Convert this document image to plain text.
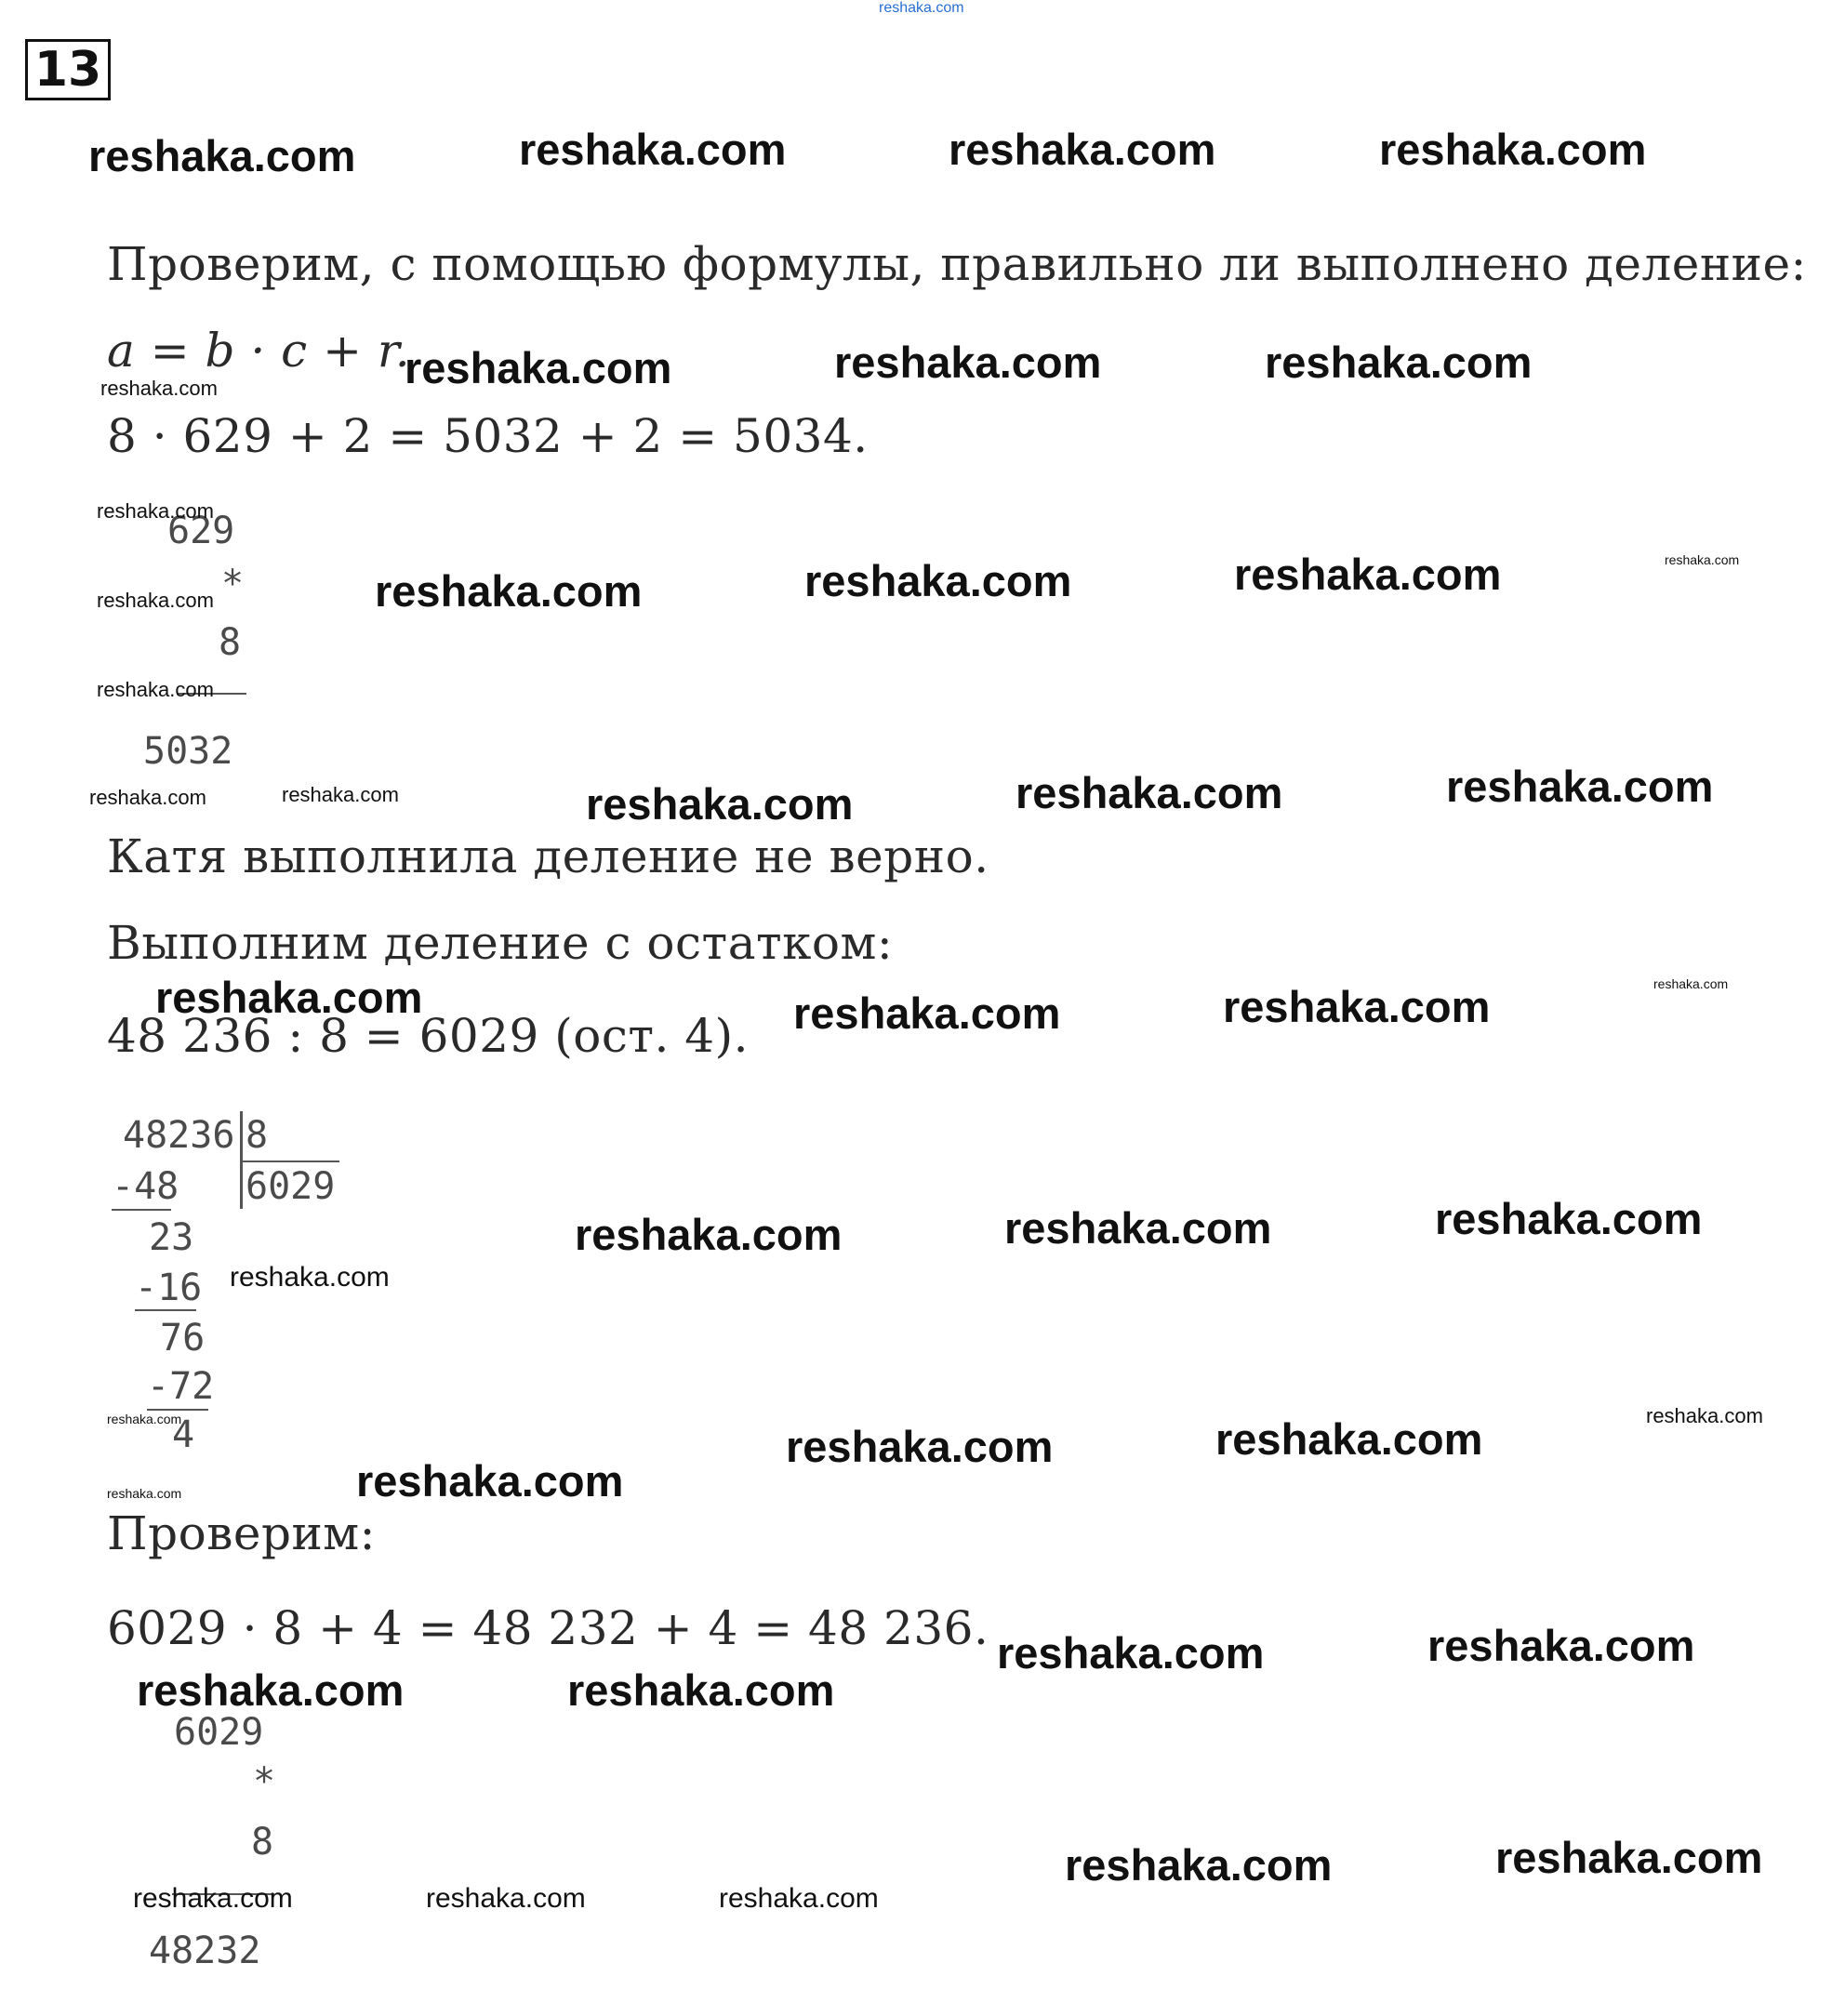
reshaka.com
13
Проверим, с помощью формулы, правильно ли выполнено деление:
a = b · c + r.
8 · 629 + 2 = 5032 + 2 = 5034.
629
*
8
5032
Катя выполнила деление не верно.
Выполним деление с остатком:
48 236 : 8 = 6029 (ост. 4).
48236 8
6029
-48
23
-16
76
-72
4
Проверим:
6029 · 8 + 4 = 48 232 + 4 = 48 236.
6029
*
8
48232
reshaka.com	reshaka.com	reshaka.com	reshaka.com
reshaka.com	reshaka.com	reshaka.com
reshaka.com
reshaka.com
reshaka.com
reshaka.com
reshaka.com	reshaka.com	reshaka.com	reshaka.com
reshaka.com	reshaka.com	reshaka.com	reshaka.com	reshaka.com
reshaka.com	reshaka.com	reshaka.com	reshaka.com
reshaka.com	reshaka.com	reshaka.com
reshaka.com
reshaka.com
reshaka.com	reshaka.com
reshaka.com	reshaka.com	reshaka.com
reshaka.com	reshaka.com
reshaka.com	reshaka.com
reshaka.com	reshaka.com	reshaka.com
reshaka.com	reshaka.com
